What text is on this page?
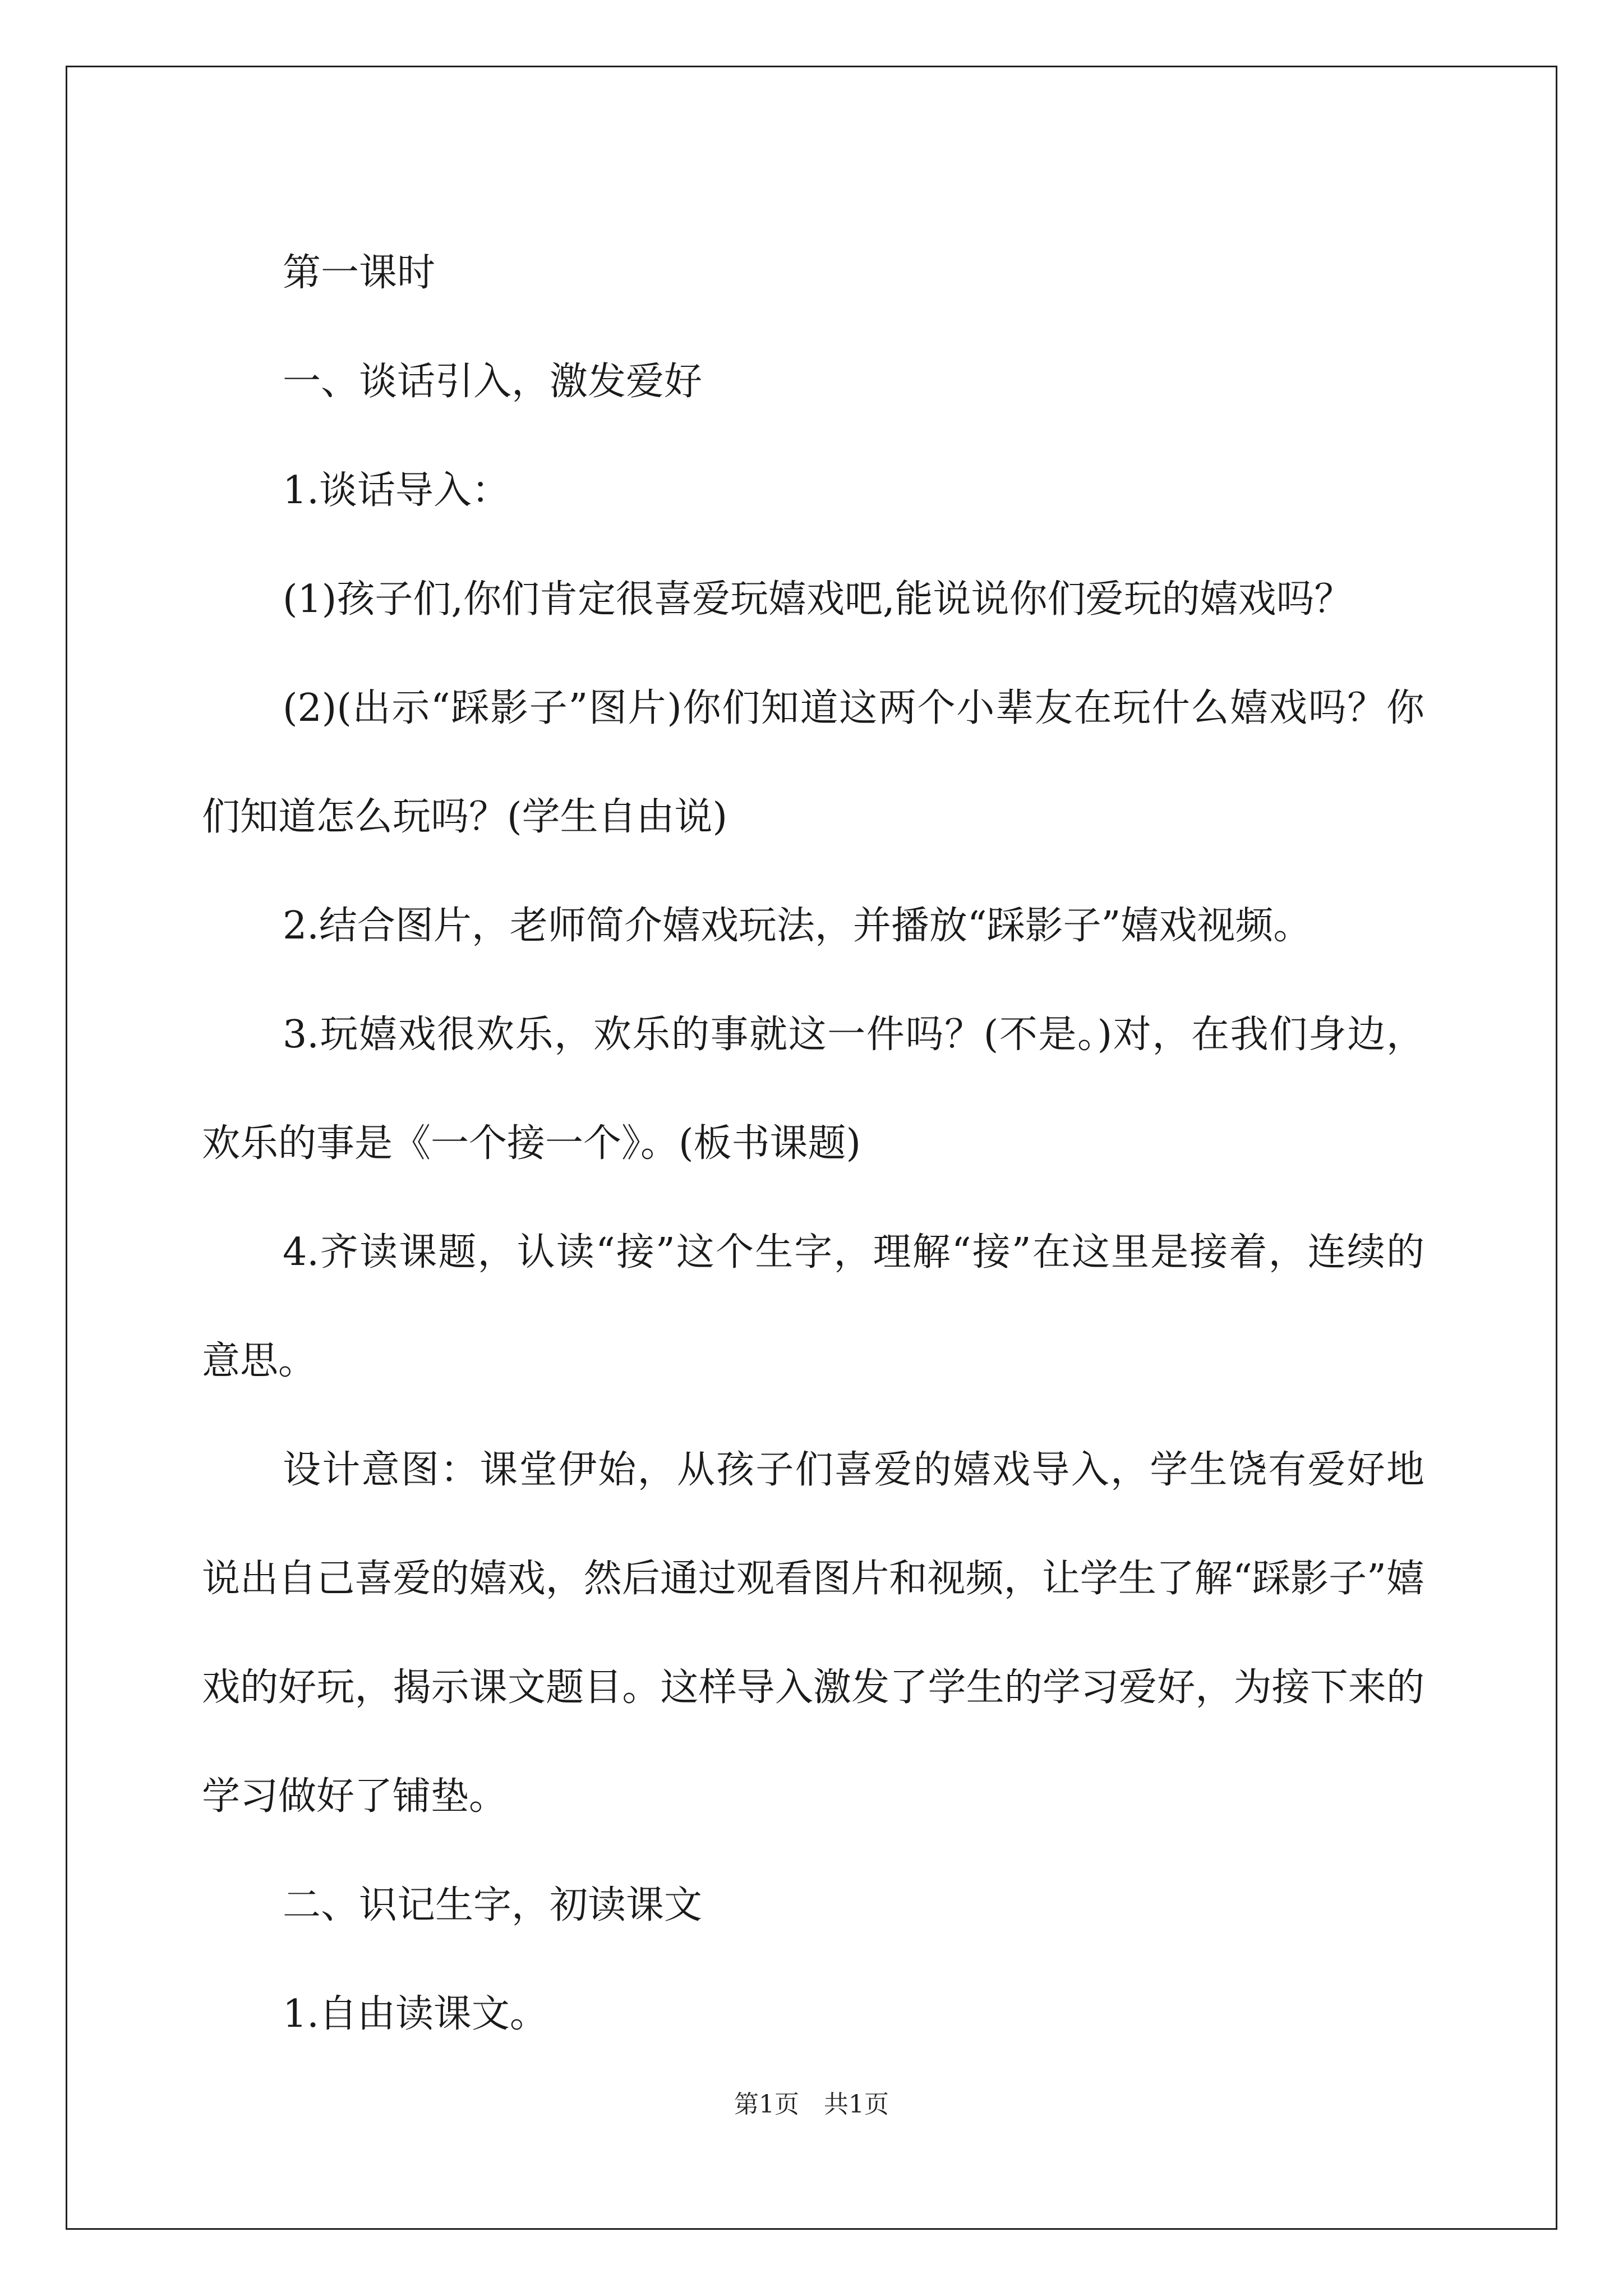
第一课时

一、谈话引入，激发爱好

1.谈话导入：

(1)孩子们,你们肯定很喜爱玩嬉戏吧,能说说你们爱玩的嬉戏吗？

(2)(出示“踩影子”图片)你们知道这两个小辈友在玩什么嬉戏吗？你们知道怎么玩吗？(学生自由说)

2.结合图片，老师简介嬉戏玩法，并播放“踩影子”嬉戏视频。

3.玩嬉戏很欢乐，欢乐的事就这一件吗？(不是。)对，在我们身边，欢乐的事是《一个接一个》。(板书课题)

4.齐读课题，认读“接”这个生字，理解“接”在这里是接着，连续的意思。

设计意图：课堂伊始，从孩子们喜爱的嬉戏导入，学生饶有爱好地说出自己喜爱的嬉戏，然后通过观看图片和视频，让学生了解“踩影子”嬉戏的好玩，揭示课文题目。这样导入激发了学生的学习爱好，为接下来的学习做好了铺垫。

二、识记生字，初读课文

1.自由读课文。

第1页　共1页
